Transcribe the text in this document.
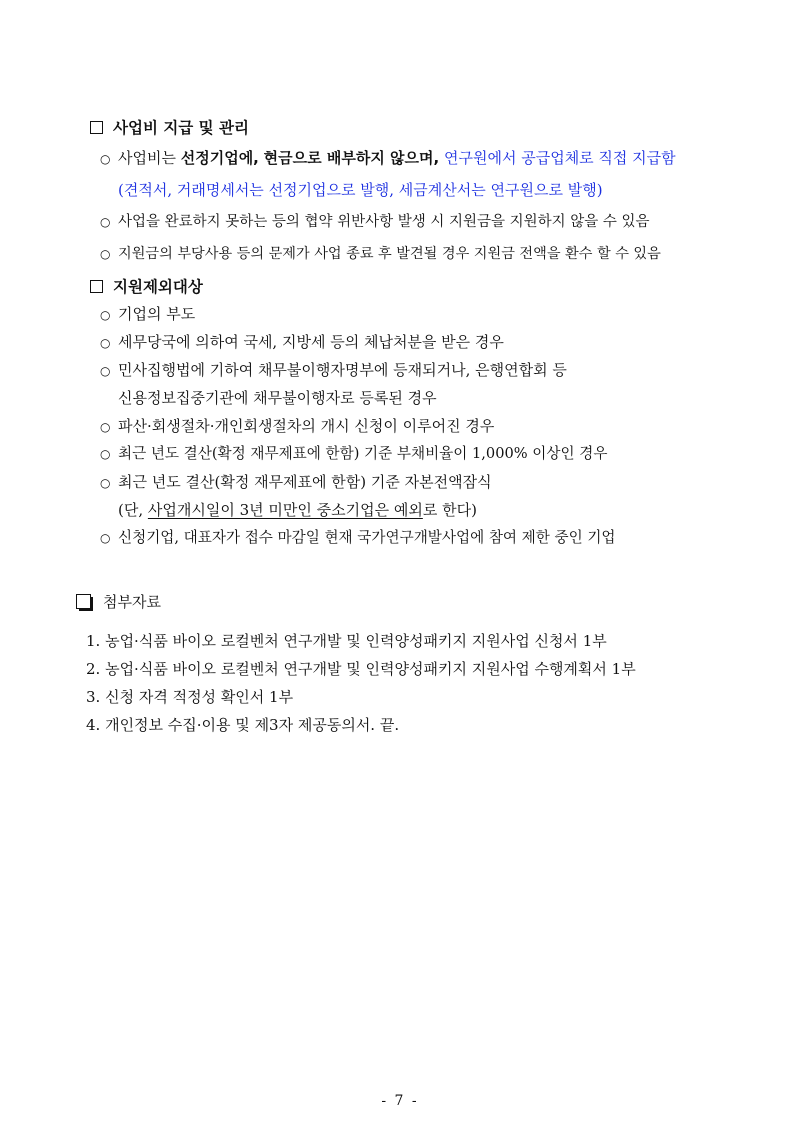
사업비 지급 및 관리
○ 사업비는 선정기업에, 현금으로 배부하지 않으며, 연구원에서 공급업체로 직접 지급함
(견적서, 거래명세서는 선정기업으로 발행, 세금계산서는 연구원으로 발행)
○ 사업을 완료하지 못하는 등의 협약 위반사항 발생 시 지원금을 지원하지 않을 수 있음
○ 지원금의 부당사용 등의 문제가 사업 종료 후 발견될 경우 지원금 전액을 환수 할 수 있음
지원제외대상
○ 기업의 부도
○ 세무당국에 의하여 국세, 지방세 등의 체납처분을 받은 경우
○ 민사집행법에 기하여 채무불이행자명부에 등재되거나, 은행연합회 등
신용정보집중기관에 채무불이행자로 등록된 경우
○ 파산·회생절차·개인회생절차의 개시 신청이 이루어진 경우
○ 최근 년도 결산(확정 재무제표에 한함) 기준 부채비율이 1,000% 이상인 경우
○ 최근 년도 결산(확정 재무제표에 한함) 기준 자본전액잠식
(단, 사업개시일이 3년 미만인 중소기업은 예외로 한다)
○ 신청기업, 대표자가 접수 마감일 현재 국가연구개발사업에 참여 제한 중인 기업
첨부자료
1. 농업·식품 바이오 로컬벤처 연구개발 및 인력양성패키지 지원사업 신청서 1부
2. 농업·식품 바이오 로컬벤처 연구개발 및 인력양성패키지 지원사업 수행계획서 1부
3. 신청 자격 적정성 확인서 1부
4. 개인정보 수집·이용 및 제3자 제공동의서. 끝.
- 7 -
